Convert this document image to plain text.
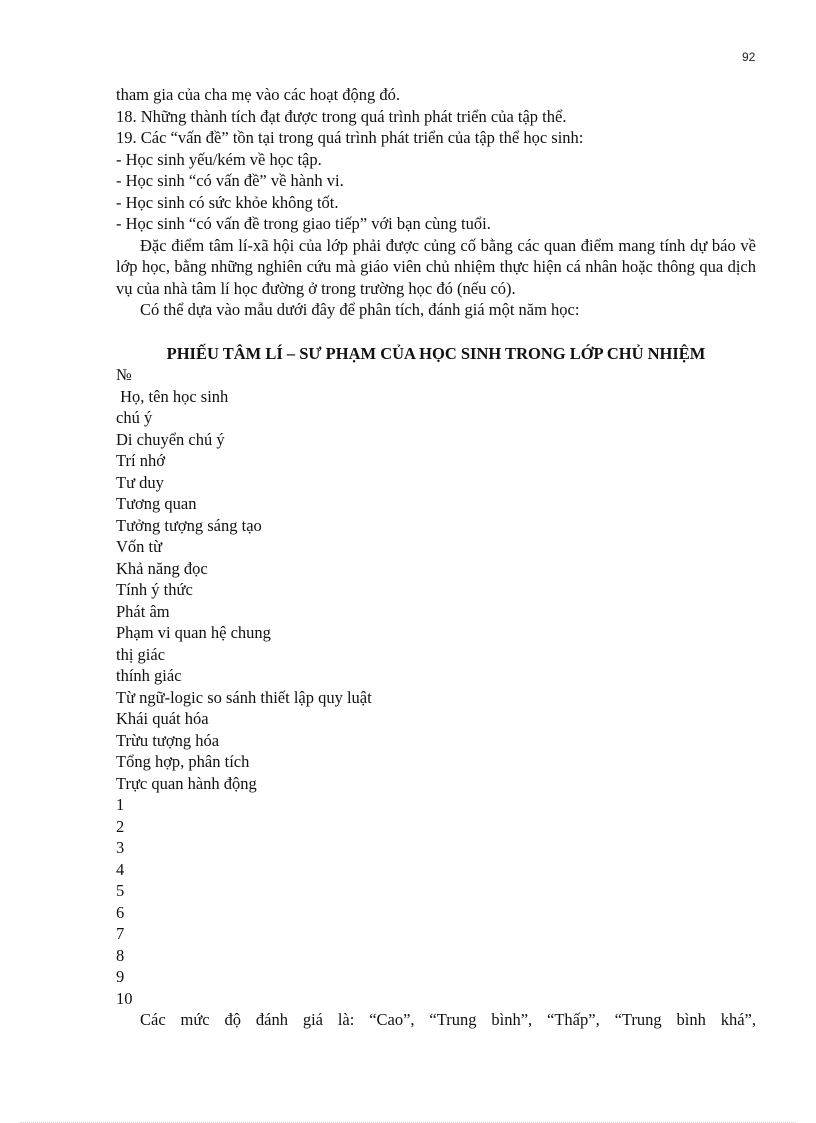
92

tham gia của cha mẹ vào các hoạt động đó.

18. Những thành tích đạt được trong quá trình phát triển của tập thể.

19. Các “vấn đề” tồn tại trong quá trình phát triển của tập thể học sinh:

- Học sinh yếu/kém về học tập.

- Học sinh “có vấn đề” về hành vi.

- Học sinh có sức khỏe không tốt.

- Học sinh “có vấn đề trong giao tiếp” với bạn cùng tuổi.

Đặc điểm tâm lí-xã hội của lớp phải được củng cố bằng các quan điểm mang tính dự báo về lớp học, bằng những nghiên cứu mà giáo viên chủ nhiệm thực hiện cá nhân hoặc thông qua dịch vụ của nhà tâm lí học đường ở trong trường học đó (nếu có).

Có thể dựa vào mẫu dưới đây để phân tích, đánh giá một năm học:

PHIẾU TÂM LÍ – SƯ PHẠM CỦA HỌC SINH TRONG LỚP CHỦ NHIỆM

№

Họ, tên học sinh

chú ý

Di chuyển chú ý

Trí nhớ

Tư duy

Tương quan

Tưởng tượng sáng tạo

Vốn từ

Khả năng đọc

Tính ý thức

Phát âm

Phạm vi quan hệ chung

thị giác

thính giác

Từ ngữ-logic so sánh thiết lập quy luật

Khái quát hóa

Trừu tượng hóa

Tổng hợp, phân tích

Trực quan hành động

1

2

3

4

5

6

7

8

9

10

Các mức độ đánh giá là: “Cao”, “Trung bình”, “Thấp”, “Trung bình khá”,
